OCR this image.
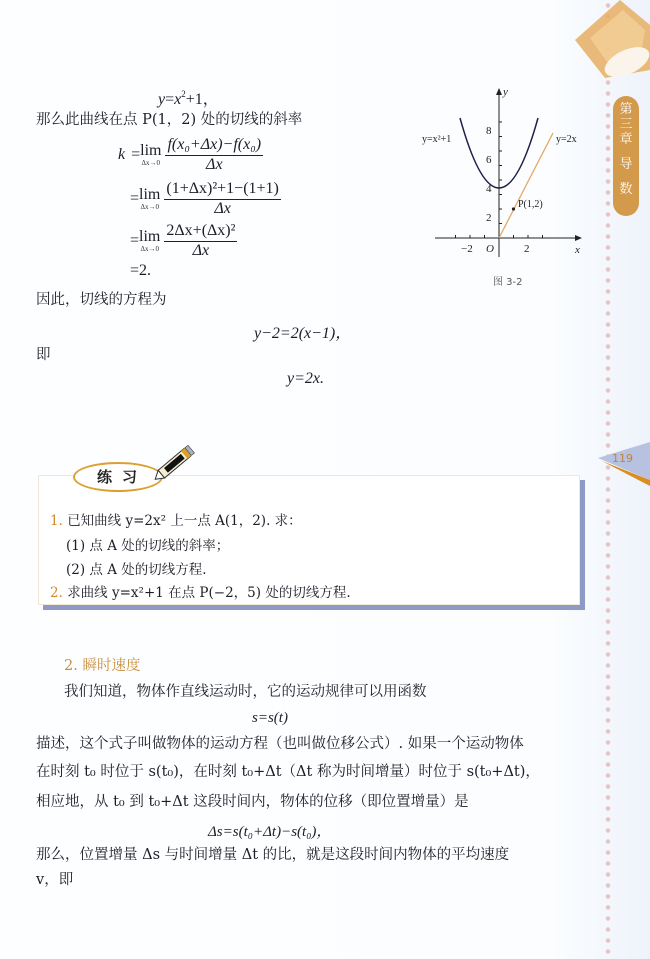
第
三
章
导
数
119
$y=x^2+1$，
那么此曲线在点 P(1，2) 处的切线的斜率
k = lim
$\Delta x\to 0 \frac{\text{f(x₀+Δx)−f(x₀)}}{\Delta x}$
= lim
$\Delta x\to 0 \frac{\text{(1+Δx)²+1−(1+1)}}{\Delta x}$
= lim
$\Delta x\to 0 \frac{\text{2Δx+(Δx)²}}{\Delta x}$
=2.
因此，切线的方程为
y−2=2(x−1)，
即
y=2x.
y
x
8
6
4
2
−2	2
O
y=x²+1	y=2x
P(1,2)
图 3-2
练习
1. 已知曲线 y=2x² 上一点 A(1，2). 求：
(1) 点 A 处的切线的斜率；
(2) 点 A 处的切线方程.
2. 求曲线 y=x²+1 在点 P(−2，5) 处的切线方程.
2. 瞬时速度
我们知道，物体作直线运动时，它的运动规律可以用函数
s=s(t)
描述，这个式子叫做物体的运动方程（也叫做位移公式）. 如果一个运动物体
在时刻 t₀ 时位于 s(t₀)，在时刻 t₀+Δt（Δt 称为时间增量）时位于 s(t₀+Δt)，
相应地，从 t₀ 到 t₀+Δt 这段时间内，物体的位移（即位置增量）是
Δs=s(t₀+Δt)−s(t₀)，
那么，位置增量 Δs 与时间增量 Δt 的比，就是这段时间内物体的平均速度
v，即
